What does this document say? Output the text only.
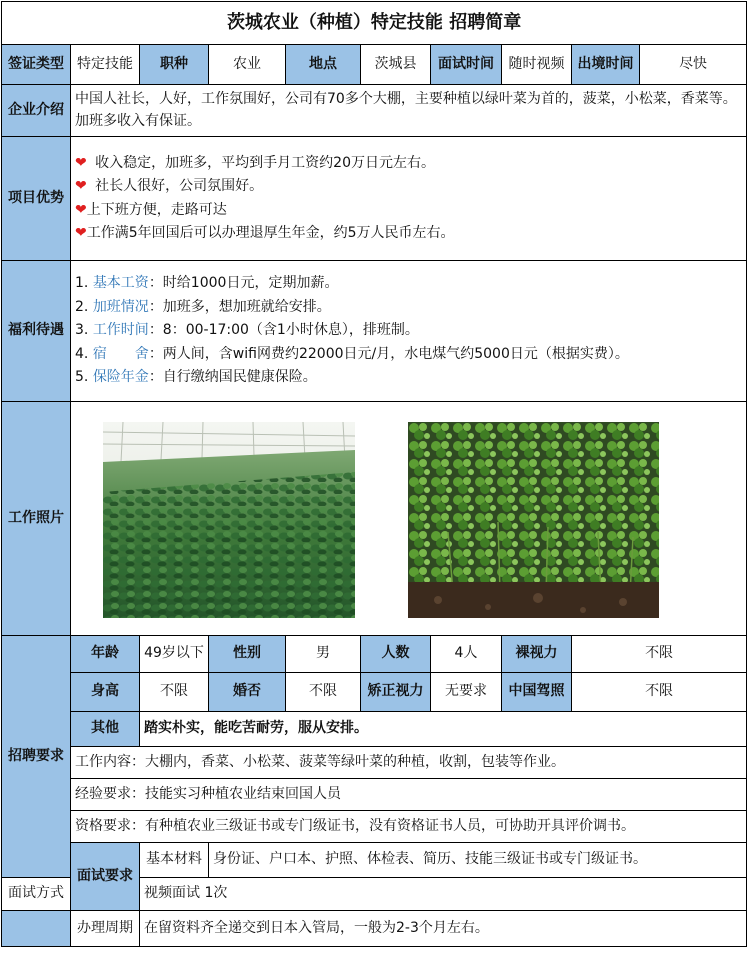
茨城农业（种植）特定技能 招聘简章									
签证类型	特定技能	职种	农业	地点	茨城县	面试时间	随时视频	出境时间	尽快
企业介绍	中国人社长，人好，工作氛围好，公司有70多个大棚，主要种植以绿叶菜为首的，菠菜，小松菜，香菜等。加班多收入有保证。								
项目优势	❤ 收入稳定，加班多，平均到手月工资约20万日元左右。
❤ 社长人很好，公司氛围好。
❤上下班方便，走路可达
❤工作满5年回国后可以办理退厚生年金，约5万人民币左右。								

福利待遇	1. 基本工资：时给1000日元，定期加薪。
2. 加班情况：加班多，想加班就给安排。
3. 工作时间：8：00-17:00（含1小时休息），排班制。
4. 宿　　舍：两人间，含wifi网费约22000日元/月，水电煤气约5000日元（根据实费）。
5. 保险年金：自行缴纳国民健康保险。								

工作照片	

招聘要求	年龄	49岁以下	性别	男	人数	4人	裸视力	不限	
	身高	不限	婚否	不限	矫正视力	无要求	中国驾照	不限	
	其他	踏实朴实，能吃苦耐劳，服从安排。							
	工作内容：大棚内，香菜、小松菜、菠菜等绿叶菜的种植，收割，包装等作业。								
	经验要求：技能实习种植农业结束回国人员								
	资格要求：有种植农业三级证书或专门级证书，没有资格证书人员，可协助开具评价调书。								
	面试要求	基本材料	身份证、户口本、护照、体检表、简历、技能三级证书或专门级证书。						
面试方式		视频面试 1次							
	办理周期	在留资料齐全递交到日本入管局，一般为2-3个月左右。							
